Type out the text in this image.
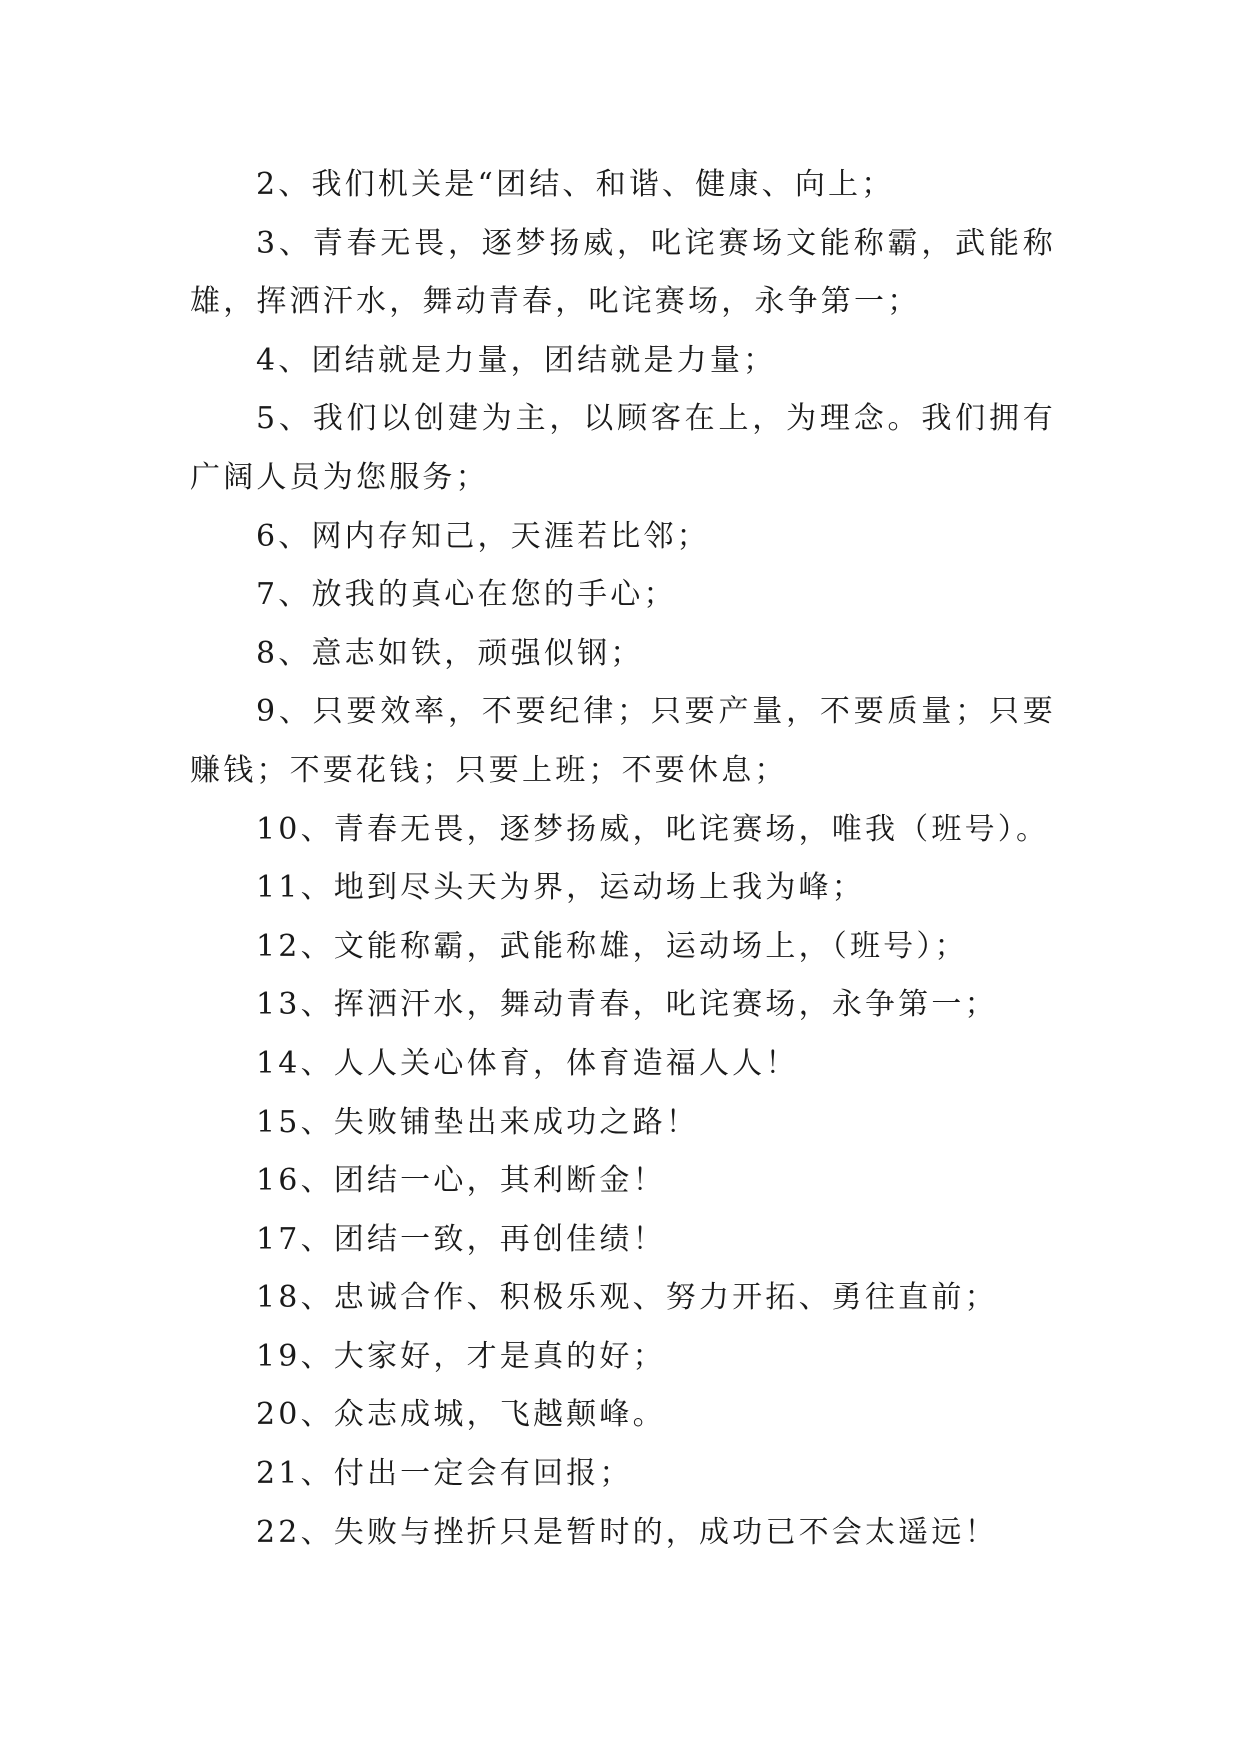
2、我们机关是“团结、和谐、健康、向上；

3、青春无畏，逐梦扬威，叱诧赛场文能称霸，武能称雄，挥洒汗水，舞动青春，叱诧赛场，永争第一；

4、团结就是力量，团结就是力量；

5、我们以创建为主，以顾客在上，为理念。我们拥有广阔人员为您服务；

6、网内存知己，天涯若比邻；

7、放我的真心在您的手心；

8、意志如铁，顽强似钢；

9、只要效率，不要纪律；只要产量，不要质量；只要赚钱；不要花钱；只要上班；不要休息；

10、青春无畏，逐梦扬威，叱诧赛场，唯我（班号）。

11、地到尽头天为界，运动场上我为峰；

12、文能称霸，武能称雄，运动场上，（班号）；

13、挥洒汗水，舞动青春，叱诧赛场，永争第一；

14、人人关心体育，体育造福人人！

15、失败铺垫出来成功之路！

16、团结一心，其利断金！

17、团结一致，再创佳绩！

18、忠诚合作、积极乐观、努力开拓、勇往直前；

19、大家好，才是真的好；

20、众志成城，飞越颠峰。

21、付出一定会有回报；

22、失败与挫折只是暂时的，成功已不会太遥远！
